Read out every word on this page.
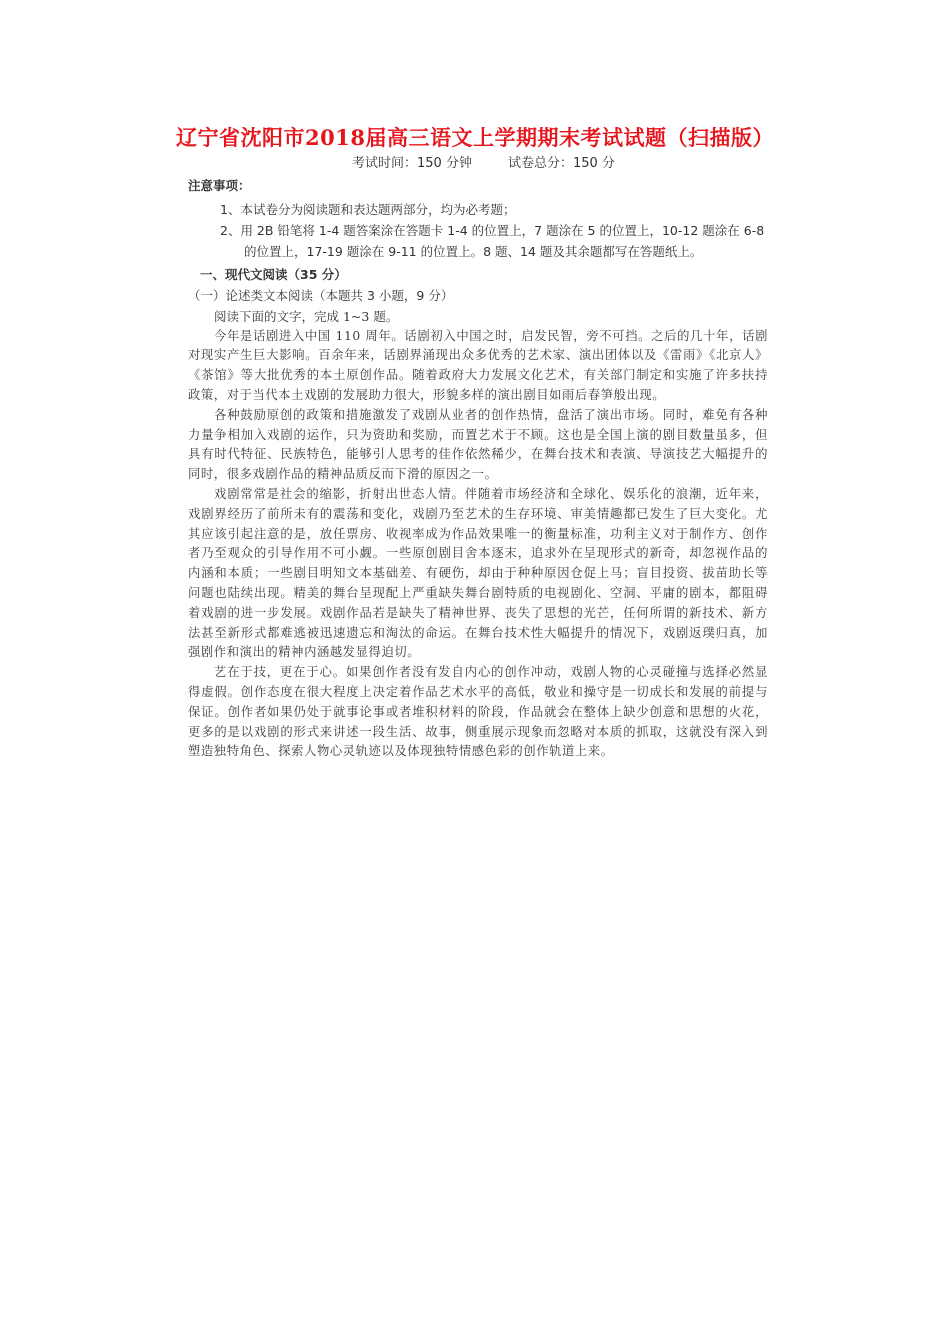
辽宁省沈阳市2018届高三语文上学期期末考试试题（扫描版）
考试时间：150 分钟	试卷总分：150 分
注意事项：
1、本试卷分为阅读题和表达题两部分，均为必考题；
2、用 2B 铅笔将 1-4 题答案涂在答题卡 1-4 的位置上，7 题涂在 5 的位置上，10-12 题涂在 6-8 的位置上，17-19 题涂在 9-11 的位置上。8 题、14 题及其余题都写在答题纸上。
一、现代文阅读（35 分）
（一）论述类文本阅读（本题共 3 小题，9 分）
阅读下面的文字，完成 1~3 题。

今年是话剧进入中国 110 周年。话剧初入中国之时，启发民智，旁不可挡。之后的几十年，话剧对现实产生巨大影响。百余年来，话剧界涌现出众多优秀的艺术家、演出团体以及《雷雨》《北京人》《茶馆》等大批优秀的本土原创作品。随着政府大力发展文化艺术，有关部门制定和实施了许多扶持政策，对于当代本土戏剧的发展助力很大，形貌多样的演出剧目如雨后春笋般出现。

各种鼓励原创的政策和措施激发了戏剧从业者的创作热情，盘活了演出市场。同时，难免有各种力量争相加入戏剧的运作，只为资助和奖励，而置艺术于不顾。这也是全国上演的剧目数量虽多，但具有时代特征、民族特色，能够引人思考的佳作依然稀少，在舞台技术和表演、导演技艺大幅提升的同时，很多戏剧作品的精神品质反而下滑的原因之一。

戏剧常常是社会的缩影，折射出世态人情。伴随着市场经济和全球化、娱乐化的浪潮，近年来，戏剧界经历了前所未有的震荡和变化，戏剧乃至艺术的生存环境、审美情趣都已发生了巨大变化。尤其应该引起注意的是，放任票房、收视率成为作品效果唯一的衡量标准，功利主义对于制作方、创作者乃至观众的引导作用不可小觑。一些原创剧目舍本逐末，追求外在呈现形式的新奇，却忽视作品的内涵和本质；一些剧目明知文本基础差、有硬伤，却由于种种原因仓促上马；盲目投资、拔苗助长等问题也陆续出现。精美的舞台呈现配上严重缺失舞台剧特质的电视剧化、空洞、平庸的剧本，都阻碍着戏剧的进一步发展。戏剧作品若是缺失了精神世界、丧失了思想的光芒，任何所谓的新技术、新方法甚至新形式都难逃被迅速遗忘和淘汰的命运。在舞台技术性大幅提升的情况下，戏剧返璞归真，加强剧作和演出的精神内涵越发显得迫切。

艺在于技，更在于心。如果创作者没有发自内心的创作冲动，戏剧人物的心灵碰撞与选择必然显得虚假。创作态度在很大程度上决定着作品艺术水平的高低，敬业和操守是一切成长和发展的前提与保证。创作者如果仍处于就事论事或者堆积材料的阶段，作品就会在整体上缺少创意和思想的火花，更多的是以戏剧的形式来讲述一段生活、故事，侧重展示现象而忽略对本质的抓取，这就没有深入到塑造独特角色、探索人物心灵轨迹以及体现独特情感色彩的创作轨道上来。
